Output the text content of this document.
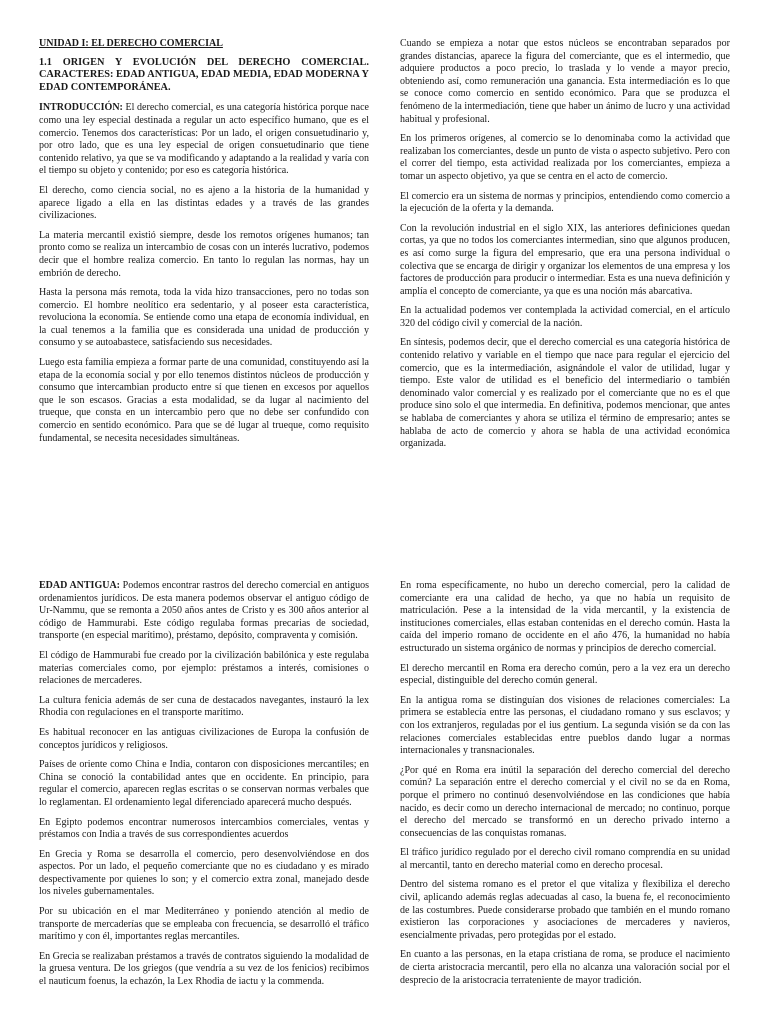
UNIDAD I: EL DERECHO COMERCIAL
1.1 ORIGEN Y EVOLUCIÓN DEL DERECHO COMERCIAL. CARACTERES: EDAD ANTIGUA, EDAD MEDIA, EDAD MODERNA Y EDAD CONTEMPORÁNEA.

INTRODUCCIÓN: El derecho comercial, es una categoría histórica porque nace como una ley especial destinada a regular un acto específico humano, que es el comercio. Tenemos dos características: Por un lado, el origen consuetudinario y, por otro lado, que es una ley especial de origen consuetudinario que tiene contenido relativo, ya que se va modificando y adaptando a la realidad y varía con el tiempo su objeto y contenido; por eso es categoría histórica.

El derecho, como ciencia social, no es ajeno a la historia de la humanidad y aparece ligado a ella en las distintas edades y a través de las grandes civilizaciones.

La materia mercantil existió siempre, desde los remotos orígenes humanos; tan pronto como se realiza un intercambio de cosas con un interés lucrativo, podemos decir que el hombre realiza comercio. En tanto lo regulan las normas, hay un embrión de derecho.

Hasta la persona más remota, toda la vida hizo transacciones, pero no todas son comercio. El hombre neolítico era sedentario, y al poseer esta característica, revoluciona la economía. Se entiende como una etapa de economía individual, en la cual tenemos a la familia que es considerada una unidad de producción y consumo y se autoabastece, satisfaciendo sus necesidades.

Luego esta familia empieza a formar parte de una comunidad, constituyendo así la etapa de la economía social y por ello tenemos distintos núcleos de producción y consumo que intercambian producto entre sí que tienen en excesos por aquellos que le son escasos. Gracias a esta modalidad, se da lugar al nacimiento del trueque, que consta en un intercambio pero que no debe ser confundido con comercio en sentido económico. Para que se dé lugar al trueque, como requisito fundamental, se necesita necesidades simultáneas.

Cuando se empieza a notar que estos núcleos se encontraban separados por grandes distancias, aparece la figura del comerciante, que es el intermedio, que adquiere productos a poco precio, lo traslada y lo vende a mayor precio, obteniendo así, como remuneración una ganancia. Esta intermediación es lo que se conoce como comercio en sentido económico. Para que se produzca el fenómeno de la intermediación, tiene que haber un ánimo de lucro y una actividad habitual y profesional.

En los primeros orígenes, al comercio se lo denominaba como la actividad que realizaban los comerciantes, desde un punto de vista o aspecto subjetivo. Pero con el correr del tiempo, esta actividad realizada por los comerciantes, empieza a tomar un aspecto objetivo, ya que se centra en el acto de comercio.

El comercio era un sistema de normas y principios, entendiendo como comercio a la ejecución de la oferta y la demanda.

Con la revolución industrial en el siglo XIX, las anteriores definiciones quedan cortas, ya que no todos los comerciantes intermedian, sino que algunos producen, es así como surge la figura del empresario, que era una persona individual o colectiva que se encarga de dirigir y organizar los elementos de una empresa y los factores de producción para producir o intermediar. Esta es una nueva definición y amplía el concepto de comerciante, ya que es una noción más abarcativa.

En la actualidad podemos ver contemplada la actividad comercial, en el artículo 320 del código civil y comercial de la nación.

En síntesis, podemos decir, que el derecho comercial es una categoría histórica de contenido relativo y variable en el tiempo que nace para regular el ejercicio del comercio, que es la intermediación, asignándole el valor de utilidad, lugar y tiempo. Este valor de utilidad es el beneficio del intermediario o también denominado valor comercial y es realizado por el comerciante que no es el que produce sino solo el que intermedia. En definitiva, podemos mencionar, que antes se hablaba de comerciantes y ahora se utiliza el término de empresario; antes se hablaba de acto de comercio y ahora se habla de una actividad económica organizada.

EDAD ANTIGUA: Podemos encontrar rastros del derecho comercial en antiguos ordenamientos jurídicos. De esta manera podemos observar el antiguo código de Ur-Nammu, que se remonta a 2050 años antes de Cristo y es 300 años anterior al código de Hammurabi. Este código regulaba formas precarias de sociedad, transporte (en especial marítimo), préstamo, depósito, compraventa y comisión.

El código de Hammurabi fue creado por la civilización babilónica y este regulaba materias comerciales como, por ejemplo: préstamos a interés, comisiones o relaciones de mercaderes.

La cultura fenicia además de ser cuna de destacados navegantes, instauró la lex Rhodia con regulaciones en el transporte marítimo.

Es habitual reconocer en las antiguas civilizaciones de Europa la confusión de conceptos jurídicos y religiosos.

Países de oriente como China e India, contaron con disposiciones mercantiles; en China se conoció la contabilidad antes que en occidente. En principio, para regular el comercio, aparecen reglas escritas o se conservan normas verbales que lo reglamentan. El ordenamiento legal diferenciado aparecerá mucho después.

En Egipto podemos encontrar numerosos intercambios comerciales, ventas y préstamos con India a través de sus correspondientes acuerdos

En Grecia y Roma se desarrolla el comercio, pero desenvolviéndose en dos aspectos. Por un lado, el pequeño comerciante que no es ciudadano y es mirado despectivamente por quienes lo son; y el comercio extra zonal, manejado desde los niveles gubernamentales.

Por su ubicación en el mar Mediterráneo y poniendo atención al medio de transporte de mercaderías que se empleaba con frecuencia, se desarrolló el tráfico marítimo y con él, importantes reglas mercantiles.

En Grecia se realizaban préstamos a través de contratos siguiendo la modalidad de la gruesa ventura. De los griegos (que vendría a su vez de los fenicios) recibimos el nauticum foenus, la echazón, la Lex Rhodia de iactu y la commenda.

En roma específicamente, no hubo un derecho comercial, pero la calidad de comerciante era una calidad de hecho, ya que no había un requisito de matriculación. Pese a la intensidad de la vida mercantil, y la existencia de instituciones comerciales, ellas estaban contenidas en el derecho común. Hasta la caída del imperio romano de occidente en el año 476, la humanidad no había estructurado un sistema orgánico de normas y principios de derecho comercial.

El derecho mercantil en Roma era derecho común, pero a la vez era un derecho especial, distinguible del derecho común general.

En la antigua roma se distinguían dos visiones de relaciones comerciales: La primera se establecía entre las personas, el ciudadano romano y sus esclavos; y con los extranjeros, reguladas por el ius gentium. La segunda visión se da con las relaciones comerciales establecidas entre pueblos dando lugar a normas internacionales y transnacionales.

¿Por qué en Roma era inútil la separación del derecho comercial del derecho común? La separación entre el derecho comercial y el civil no se da en Roma, porque el primero no continuó desenvolviéndose en las condiciones que había nacido, es decir como un derecho internacional de mercado; no continuo, porque el derecho del mercado se transformó en un derecho privado interno a consecuencias de las conquistas romanas.

El tráfico jurídico regulado por el derecho civil romano comprendía en su unidad al mercantil, tanto en derecho material como en derecho procesal.

Dentro del sistema romano es el pretor el que vitaliza y flexibiliza el derecho civil, aplicando además reglas adecuadas al caso, la buena fe, el reconocimiento de las costumbres. Puede considerarse probado que también en el mundo romano existieron las corporaciones y asociaciones de mercaderes y navieros, esencialmente privadas, pero protegidas por el estado.

En cuanto a las personas, en la etapa cristiana de roma, se produce el nacimiento de cierta aristocracia mercantil, pero ella no alcanza una valoración social por el desprecio de la aristocracia terrateniente de mayor tradición.
